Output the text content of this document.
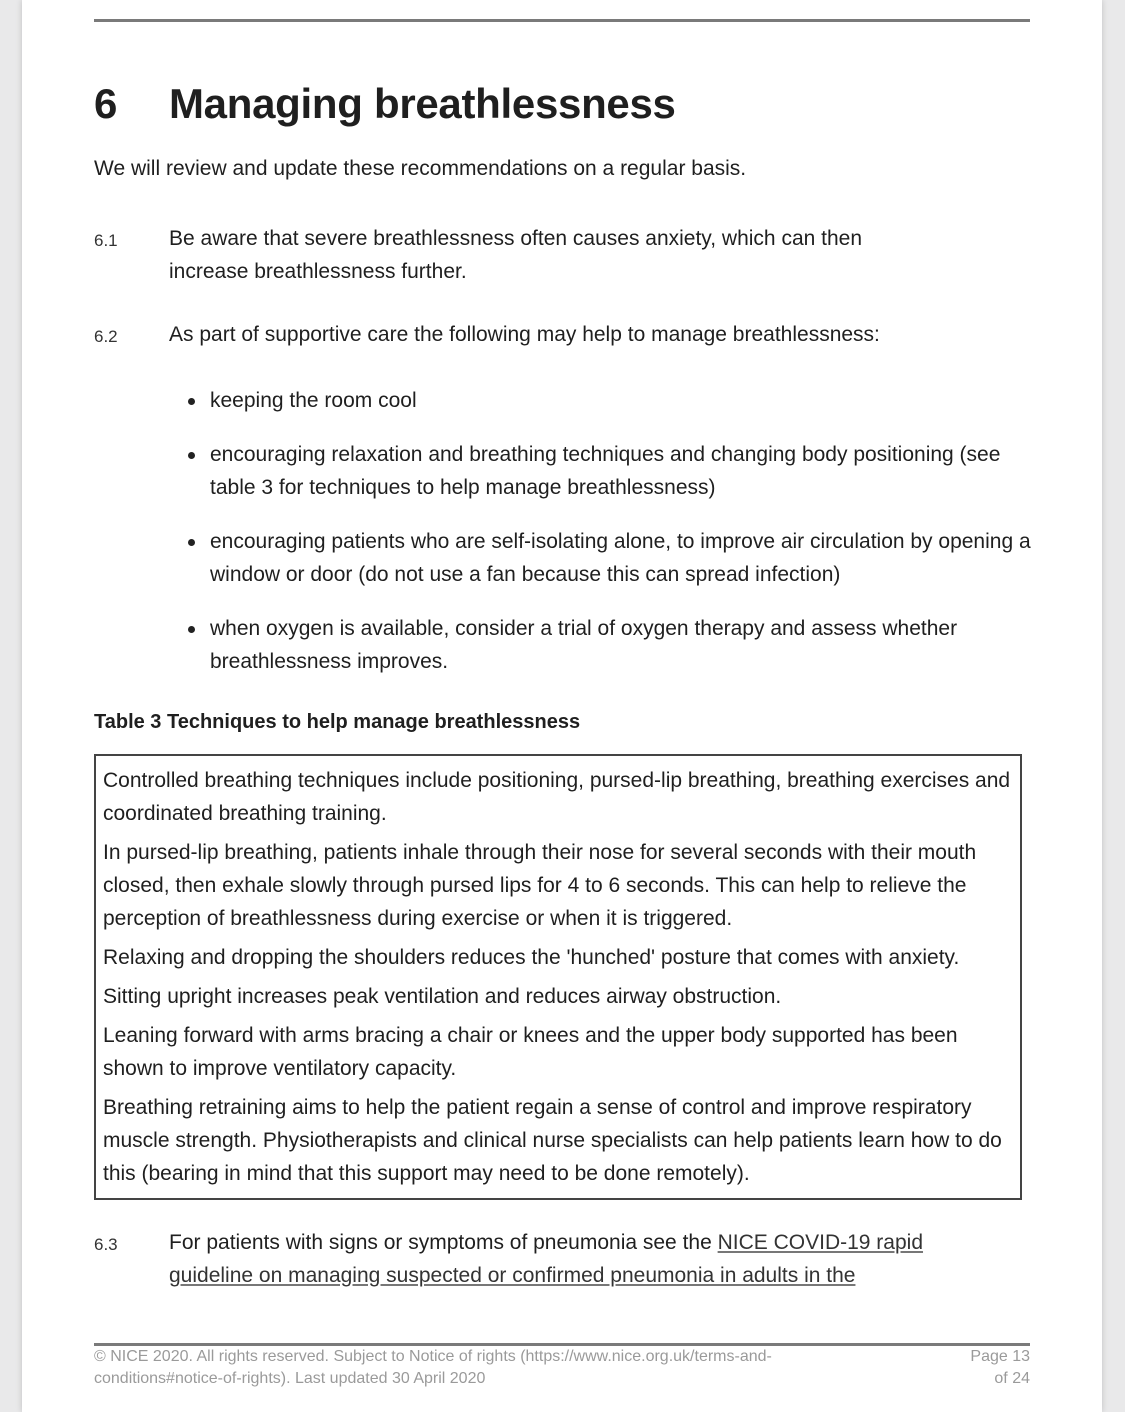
6 Managing breathlessness
We will review and update these recommendations on a regular basis.
6.1 Be aware that severe breathlessness often causes anxiety, which can then increase breathlessness further.
6.2 As part of supportive care the following may help to manage breathlessness:
keeping the room cool
encouraging relaxation and breathing techniques and changing body positioning (see table 3 for techniques to help manage breathlessness)
encouraging patients who are self-isolating alone, to improve air circulation by opening a window or door (do not use a fan because this can spread infection)
when oxygen is available, consider a trial of oxygen therapy and assess whether breathlessness improves.
Table 3 Techniques to help manage breathlessness

Controlled breathing techniques include positioning, pursed-lip breathing, breathing exercises and coordinated breathing training.

In pursed-lip breathing, patients inhale through their nose for several seconds with their mouth closed, then exhale slowly through pursed lips for 4 to 6 seconds. This can help to relieve the perception of breathlessness during exercise or when it is triggered.

Relaxing and dropping the shoulders reduces the 'hunched' posture that comes with anxiety.

Sitting upright increases peak ventilation and reduces airway obstruction.

Leaning forward with arms bracing a chair or knees and the upper body supported has been shown to improve ventilatory capacity.

Breathing retraining aims to help the patient regain a sense of control and improve respiratory muscle strength. Physiotherapists and clinical nurse specialists can help patients learn how to do this (bearing in mind that this support may need to be done remotely).

6.3 For patients with signs or symptoms of pneumonia see the NICE COVID-19 rapid guideline on managing suspected or confirmed pneumonia in adults in the
© NICE 2020. All rights reserved. Subject to Notice of rights (https://www.nice.org.uk/terms-and-conditions#notice-of-rights). Last updated 30 April 2020
Page 13
of 24
